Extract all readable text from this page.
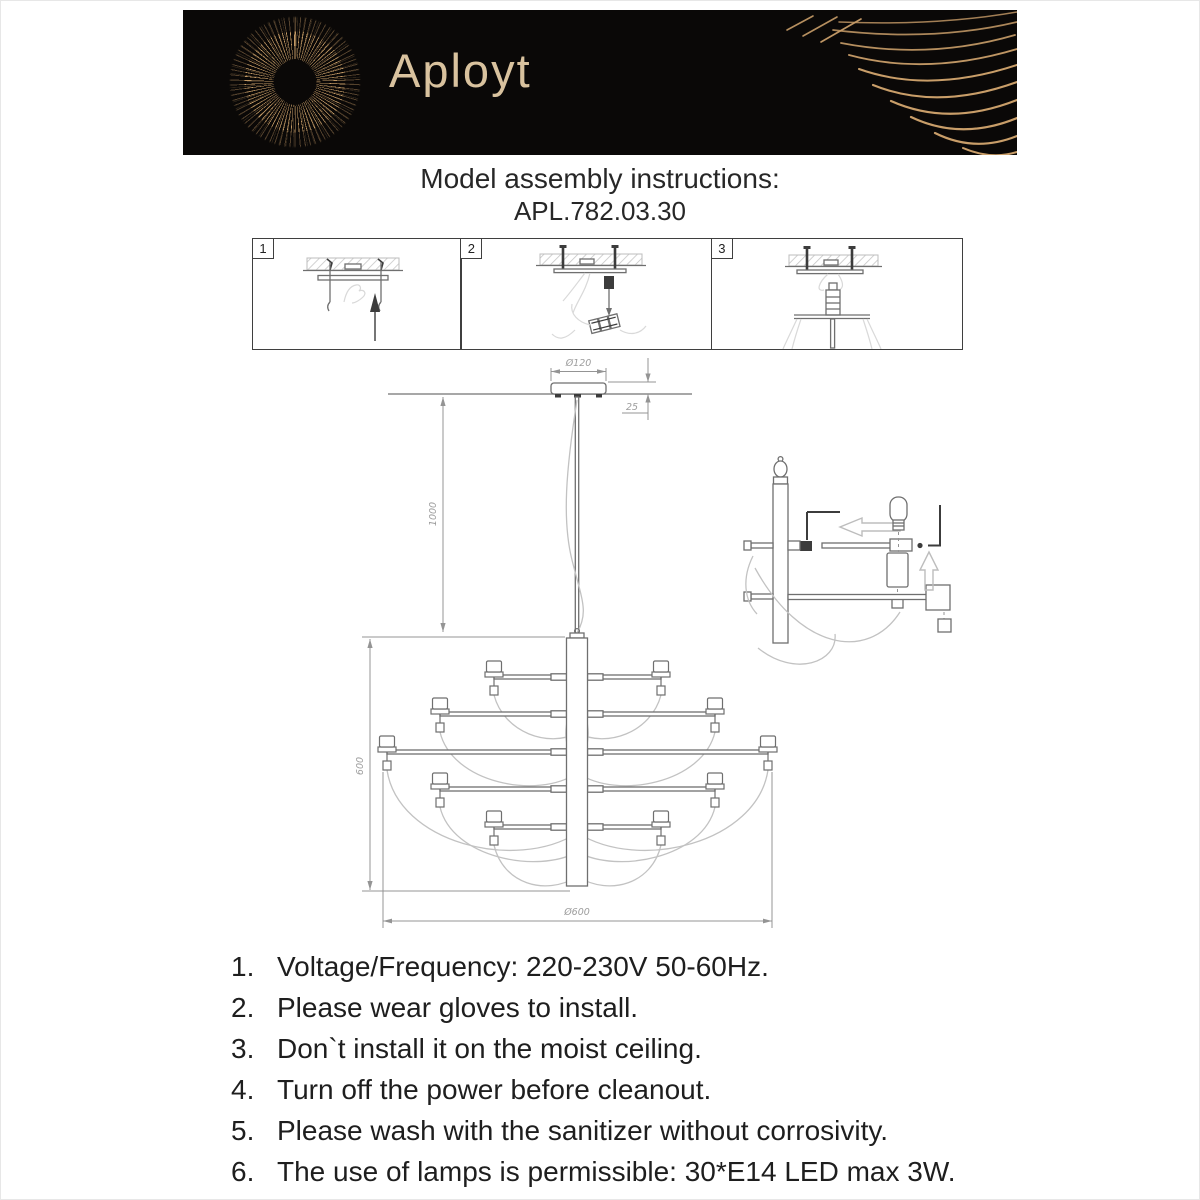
Aployt
Model assembly instructions:
APL.782.03.30
1	2	3
Ø120
25
1000
600
Ø600
1. Voltage/Frequency: 220-230V 50-60Hz.
2. Please wear gloves to install.
3. Don`t install it on the moist ceiling.
4. Turn off the power before cleanout.
5. Please wash with the sanitizer without corrosivity.
6. The use of lamps is permissible: 30*E14 LED max 3W.
